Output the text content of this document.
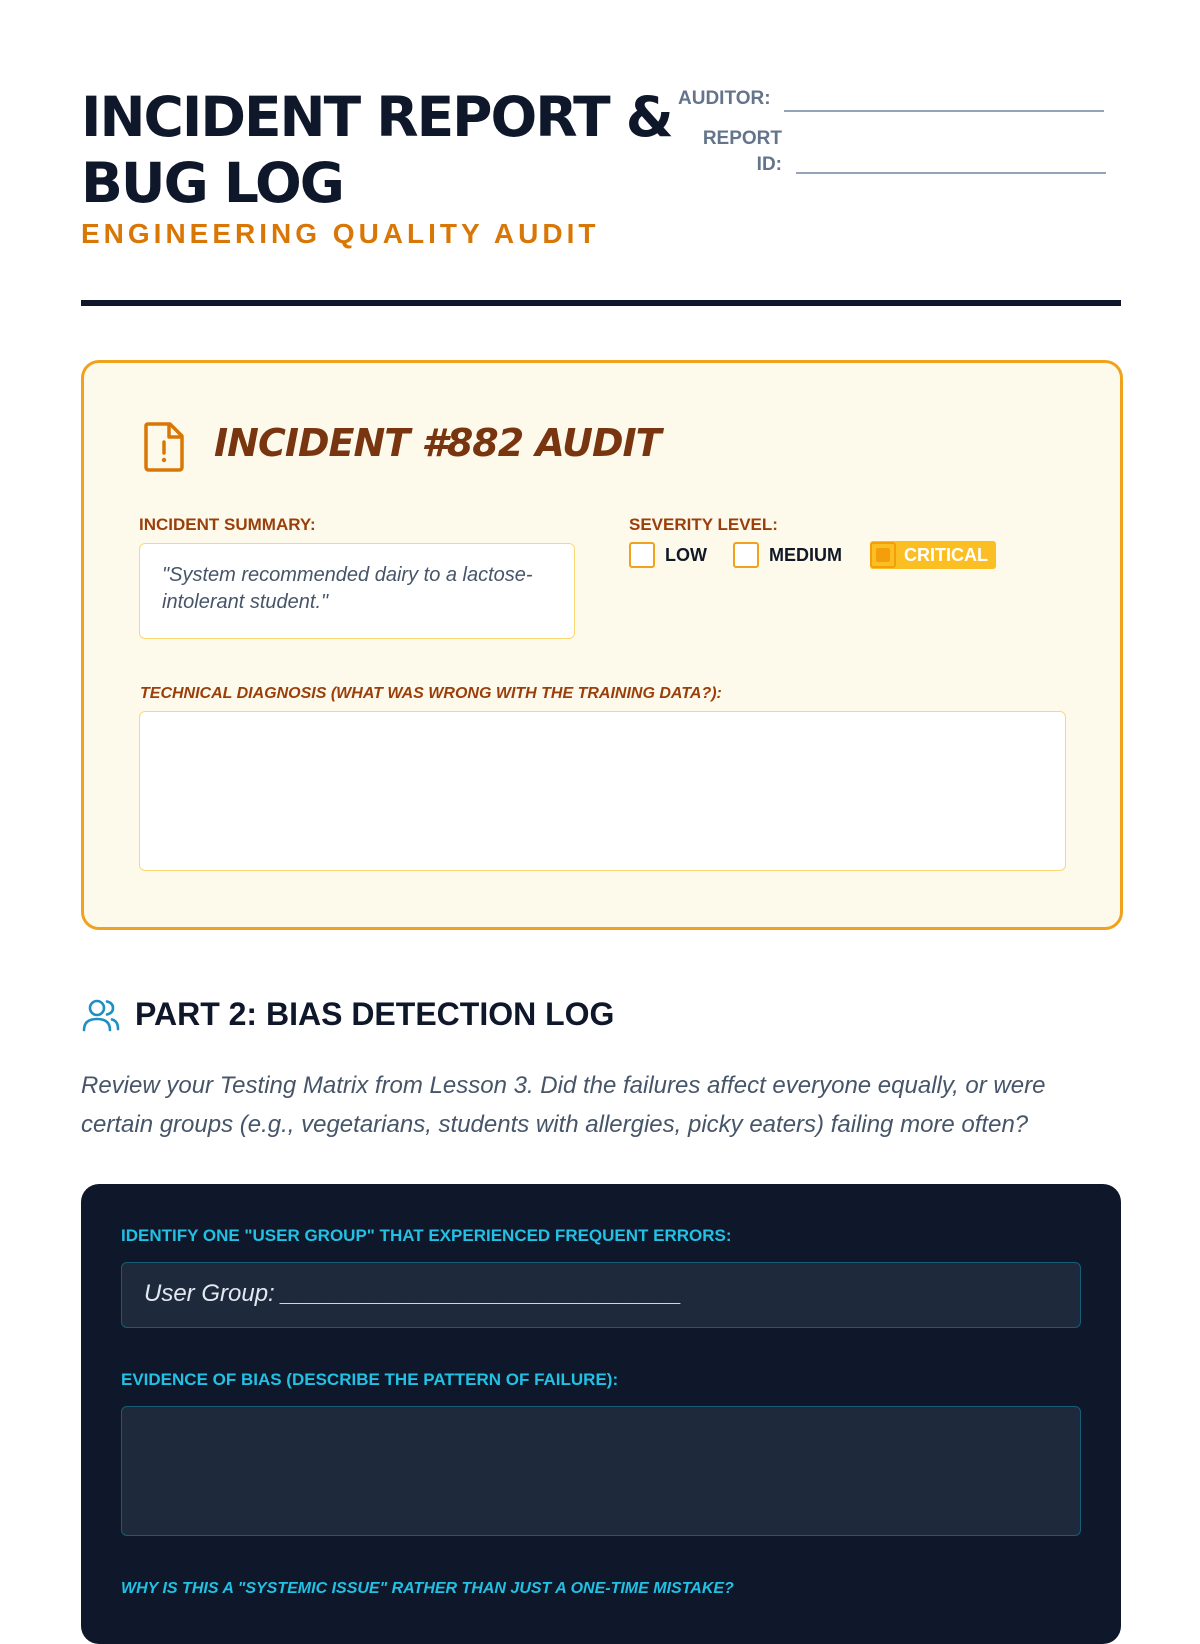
INCIDENT REPORT & BUG LOG
ENGINEERING QUALITY AUDIT
AUDITOR:
REPORT ID:
INCIDENT #882 AUDIT
INCIDENT SUMMARY:
"System recommended dairy to a lactose-intolerant student."
SEVERITY LEVEL:
LOW	MEDIUM	CRITICAL
TECHNICAL DIAGNOSIS (WHAT WAS WRONG WITH THE TRAINING DATA?):
PART 2: BIAS DETECTION LOG
Review your Testing Matrix from Lesson 3. Did the failures affect everyone equally, or were certain groups (e.g., vegetarians, students with allergies, picky eaters) failing more often?
IDENTIFY ONE "USER GROUP" THAT EXPERIENCED FREQUENT ERRORS:
User Group: ______________________________
EVIDENCE OF BIAS (DESCRIBE THE PATTERN OF FAILURE):
WHY IS THIS A "SYSTEMIC ISSUE" RATHER THAN JUST A ONE-TIME MISTAKE?
